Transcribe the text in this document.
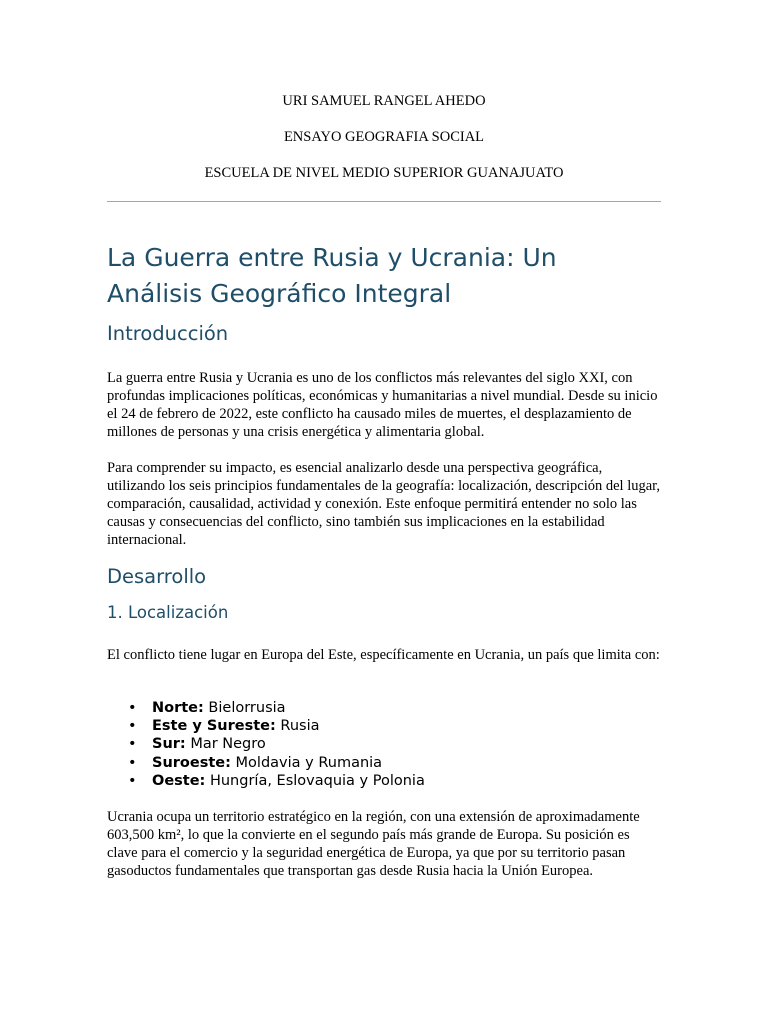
URI SAMUEL RANGEL AHEDO
ENSAYO GEOGRAFIA SOCIAL
ESCUELA DE NIVEL MEDIO SUPERIOR GUANAJUATO
La Guerra entre Rusia y Ucrania: Un
Análisis Geográfico Integral
Introducción

La guerra entre Rusia y Ucrania es uno de los conflictos más relevantes del siglo XXI, con profundas implicaciones políticas, económicas y humanitarias a nivel mundial. Desde su inicio el 24 de febrero de 2022, este conflicto ha causado miles de muertes, el desplazamiento de millones de personas y una crisis energética y alimentaria global.

Para comprender su impacto, es esencial analizarlo desde una perspectiva geográfica, utilizando los seis principios fundamentales de la geografía: localización, descripción del lugar, comparación, causalidad, actividad y conexión. Este enfoque permitirá entender no solo las causas y consecuencias del conflicto, sino también sus implicaciones en la estabilidad internacional.

Desarrollo
1. Localización

El conflicto tiene lugar en Europa del Este, específicamente en Ucrania, un país que limita con:

• Norte: Bielorrusia
• Este y Sureste: Rusia
• Sur: Mar Negro
• Suroeste: Moldavia y Rumania
• Oeste: Hungría, Eslovaquia y Polonia

Ucrania ocupa un territorio estratégico en la región, con una extensión de aproximadamente 603,500 km², lo que la convierte en el segundo país más grande de Europa. Su posición es clave para el comercio y la seguridad energética de Europa, ya que por su territorio pasan gasoductos fundamentales que transportan gas desde Rusia hacia la Unión Europea.
